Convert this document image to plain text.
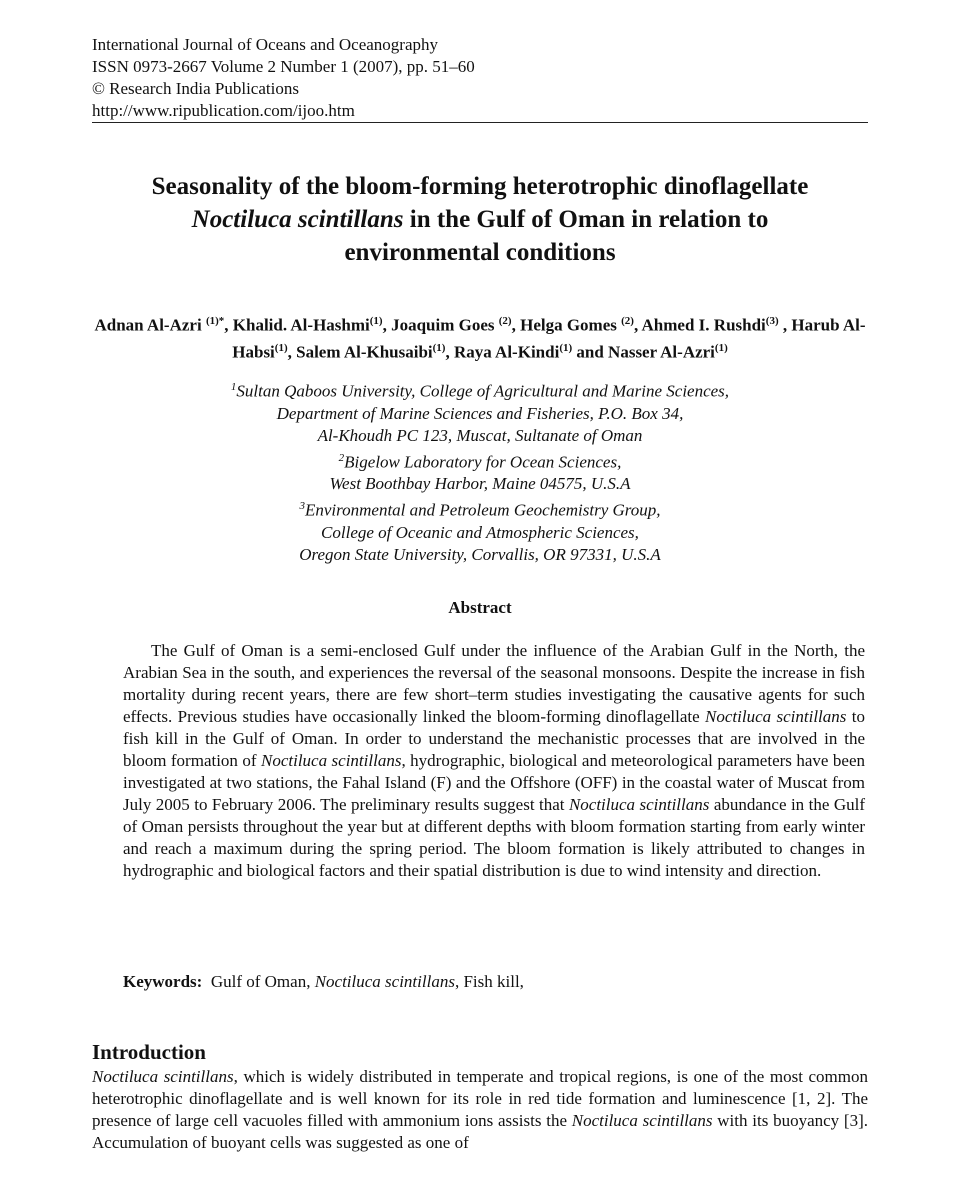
International Journal of Oceans and Oceanography
ISSN 0973-2667 Volume 2 Number 1 (2007), pp. 51–60
© Research India Publications
http://www.ripublication.com/ijoo.htm
Seasonality of the bloom-forming heterotrophic dinoflagellate
Noctiluca scintillans in the Gulf of Oman in relation to
environmental conditions
Adnan Al-Azri $^{(1)*}$, Khalid. Al-Hashmi$^{(1)}$, Joaquim Goes $^{(2)}$, Helga Gomes $^{(2)}$, Ahmed I. Rushdi$^{(3)}$ , Harub Al-Habsi$^{(1)}$, Salem Al-Khusaibi$^{(1)}$, Raya Al-Kindi$^{(1)}$ and Nasser Al-Azri$^{(1)}$
$^1$Sultan Qaboos University, College of Agricultural and Marine Sciences,
Department of Marine Sciences and Fisheries, P.O. Box 34,
Al-Khoudh PC 123, Muscat, Sultanate of Oman
$^2$Bigelow Laboratory for Ocean Sciences,
West Boothbay Harbor, Maine 04575, U.S.A
$^3$Environmental and Petroleum Geochemistry Group,
College of Oceanic and Atmospheric Sciences,
Oregon State University, Corvallis, OR 97331, U.S.A
Abstract
The Gulf of Oman is a semi-enclosed Gulf under the influence of the Arabian Gulf in the North, the Arabian Sea in the south, and experiences the reversal of the seasonal monsoons. Despite the increase in fish mortality during recent years, there are few short–term studies investigating the causative agents for such effects. Previous studies have occasionally linked the bloom-forming dinoflagellate Noctiluca scintillans to fish kill in the Gulf of Oman. In order to understand the mechanistic processes that are involved in the bloom formation of Noctiluca scintillans, hydrographic, biological and meteorological parameters have been investigated at two stations, the Fahal Island (F) and the Offshore (OFF) in the coastal water of Muscat from July 2005 to February 2006. The preliminary results suggest that Noctiluca scintillans abundance in the Gulf of Oman persists throughout the year but at different depths with bloom formation starting from early winter and reach a maximum during the spring period. The bloom formation is likely attributed to changes in hydrographic and biological factors and their spatial distribution is due to wind intensity and direction.
Keywords:  Gulf of Oman, Noctiluca scintillans, Fish kill,
Introduction
Noctiluca scintillans, which is widely distributed in temperate and tropical regions, is one of the most common heterotrophic dinoflagellate and is well known for its role in red tide formation and luminescence [1, 2]. The presence of large cell vacuoles filled with ammonium ions assists the Noctiluca scintillans with its buoyancy [3]. Accumulation of buoyant cells was suggested as one of
